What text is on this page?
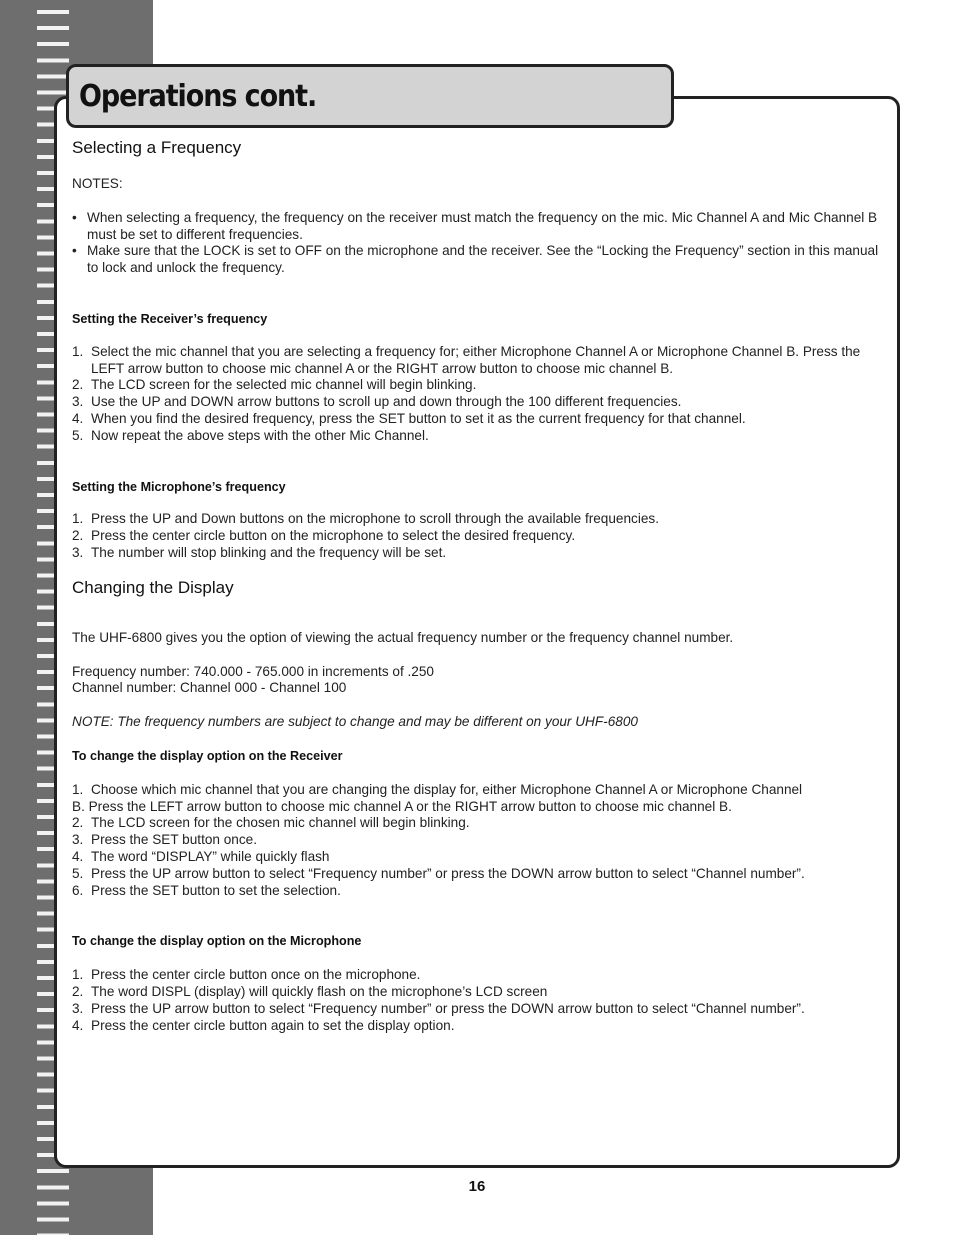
Operations cont.
Selecting a Frequency

NOTES:

• When selecting a frequency, the frequency on the receiver must match the frequency on the mic. Mic Channel A and Mic Channel B must be set to different frequencies.
• Make sure that the LOCK is set to OFF on the microphone and the receiver. See the “Locking the Frequency” section in this manual to lock and unlock the frequency.
Setting the Receiver’s frequency
1. Select the mic channel that you are selecting a frequency for; either Microphone Channel A or Microphone Channel B. Press the LEFT arrow button to choose mic channel A or the RIGHT arrow button to choose mic channel B.
2. The LCD screen for the selected mic channel will begin blinking.
3. Use the UP and DOWN arrow buttons to scroll up and down through the 100 different frequencies.
4. When you find the desired frequency, press the SET button to set it as the current frequency for that channel.
5. Now repeat the above steps with the other Mic Channel.
Setting the Microphone’s frequency
1. Press the UP and Down buttons on the microphone to scroll through the available frequencies.
2. Press the center circle button on the microphone to select the desired frequency.
3. The number will stop blinking and the frequency will be set.
Changing the Display

The UHF-6800 gives you the option of viewing the actual frequency number or the frequency channel number.

Frequency number: 740.000 - 765.000 in increments of .250

Channel number: Channel 000 - Channel 100

NOTE: The frequency numbers are subject to change and may be different on your UHF-6800

To change the display option on the Receiver
1. Choose which mic channel that you are changing the display for, either Microphone Channel A or Microphone Channel

B. Press the LEFT arrow button to choose mic channel A or the RIGHT arrow button to choose mic channel B.

2. The LCD screen for the chosen mic channel will begin blinking.
3. Press the SET button once.
4. The word “DISPLAY” while quickly flash
5. Press the UP arrow button to select “Frequency number” or press the DOWN arrow button to select “Channel number”.
6. Press the SET button to set the selection.
To change the display option on the Microphone
1. Press the center circle button once on the microphone.
2. The word DISPL (display) will quickly flash on the microphone’s LCD screen
3. Press the UP arrow button to select “Frequency number” or press the DOWN arrow button to select “Channel number”.
4. Press the center circle button again to set the display option.
16
